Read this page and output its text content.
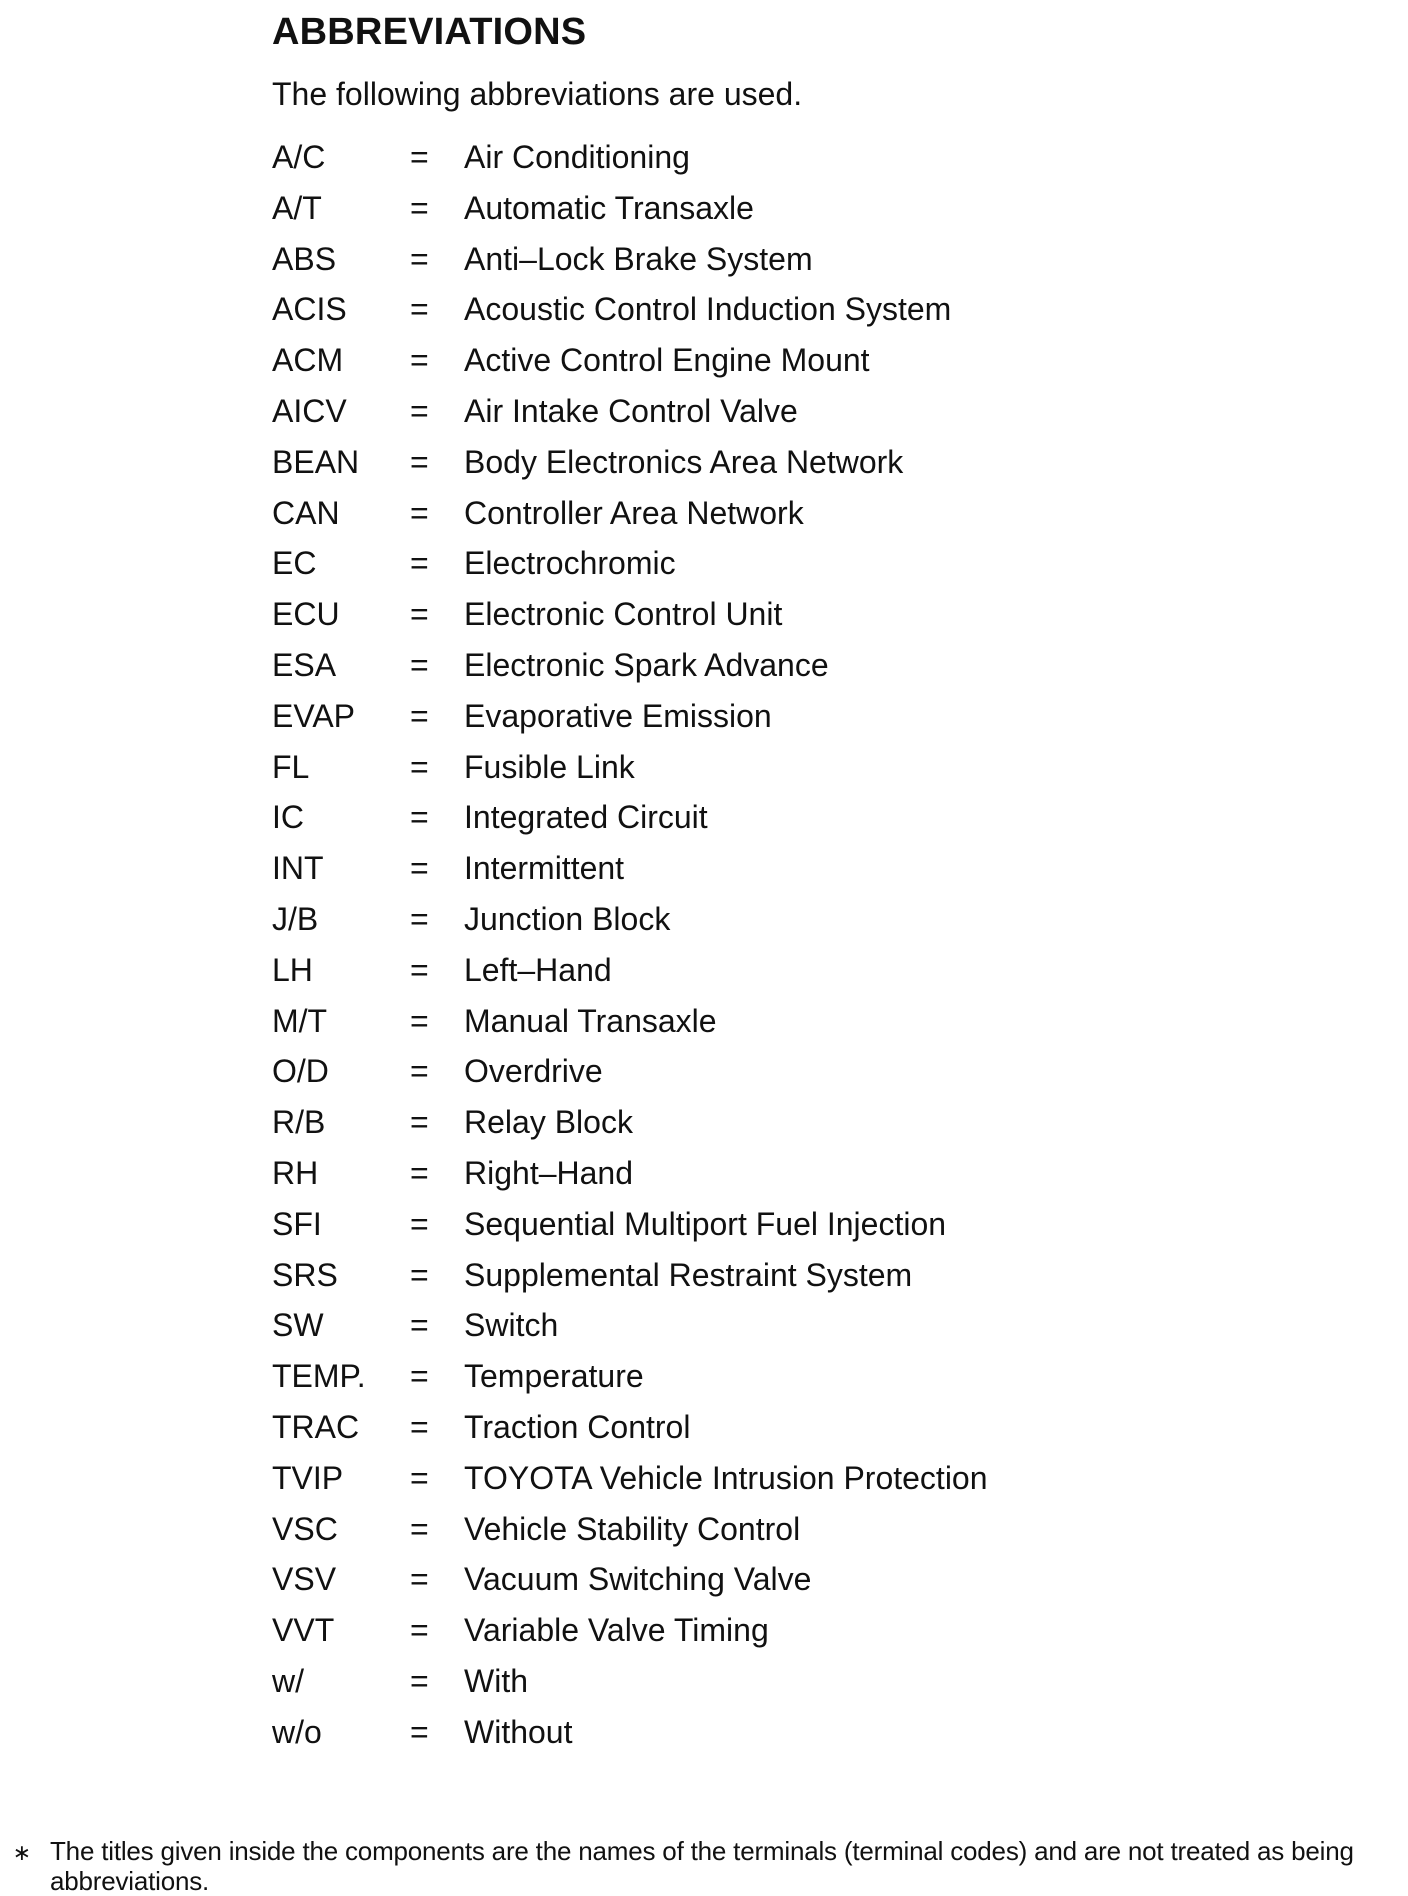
ABBREVIATIONS

The following abbreviations are used.

A/C	= Air Conditioning
A/T	= Automatic Transaxle
ABS = Anti–Lock Brake System
ACIS = Acoustic Control Induction System
ACM = Active Control Engine Mount
AICV = Air Intake Control Valve
BEAN = Body Electronics Area Network
CAN = Controller Area Network
EC	= Electrochromic
ECU = Electronic Control Unit
ESA = Electronic Spark Advance
EVAP = Evaporative Emission
FL	= Fusible Link
IC	= Integrated Circuit
INT	= Intermittent
J/B	= Junction Block
LH	= Left–Hand
M/T	= Manual Transaxle
O/D	= Overdrive
R/B	= Relay Block
RH	= Right–Hand
SFI	= Sequential Multiport Fuel Injection
SRS = Supplemental Restraint System
SW	= Switch
TEMP. = Temperature
TRAC = Traction Control
TVIP = TOYOTA Vehicle Intrusion Protection
VSC = Vehicle Stability Control
VSV = Vacuum Switching Valve
VVT = Variable Valve Timing
w/	= With
w/o	= Without
∗ The titles given inside the components are the names of the terminals (terminal codes) and are not treated as being abbreviations.
